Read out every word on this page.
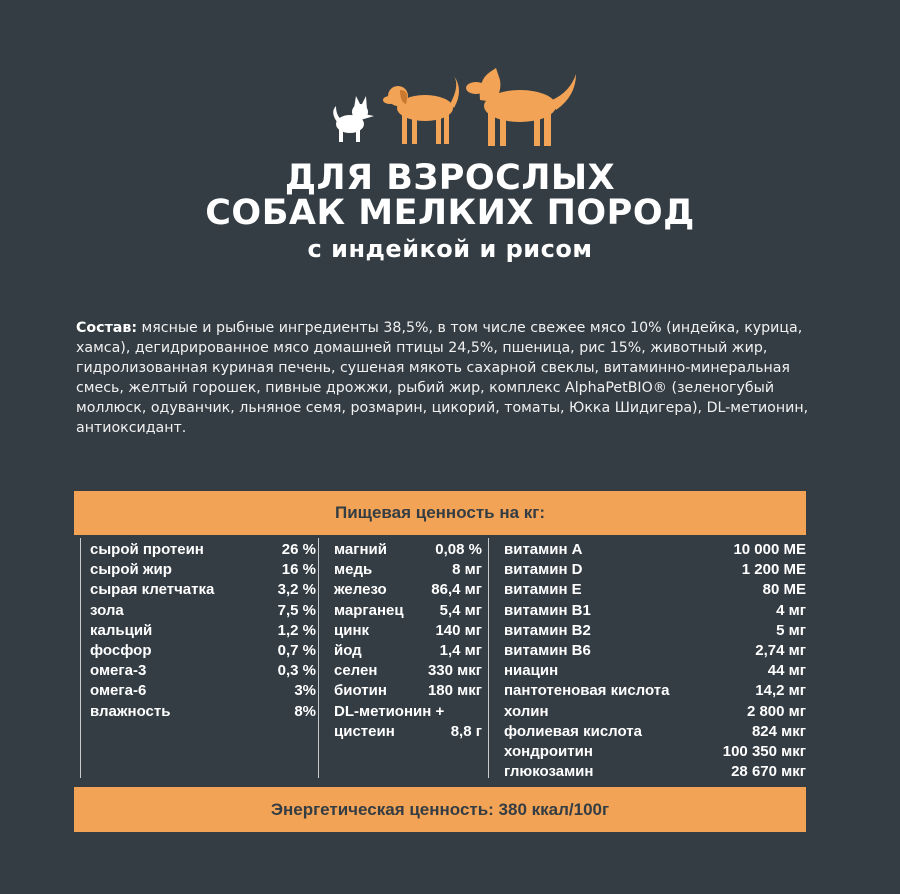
ДЛЯ ВЗРОСЛЫХ
СОБАК МЕЛКИХ ПОРОД
с индейкой и рисом

Состав: мясные и рыбные ингредиенты 38,5%, в том числе свежее мясо 10% (индейка, курица, хамса), дегидрированное мясо домашней птицы 24,5%, пшеница, рис 15%, животный жир, гидролизованная куриная печень, сушеная мякоть сахарной свеклы, витаминно-минеральная смесь, желтый горошек, пивные дрожжи, рыбий жир, комплекс AlphaPetBIO® (зеленогубый моллюск, одуванчик, льняное семя, розмарин, цикорий, томаты, Юкка Шидигера), DL-метионин, антиоксидант.

Пищевая ценность на кг:
сырой протеин	26 %
сырой жир	16 %
сырая клетчатка	3,2 %
зола	7,5 %
кальций	1,2 %
фосфор	0,7 %
омега-3	0,3 %
омега-6	3%
влажность	8%
магний	0,08 %
медь	8 мг
железо	86,4 мг
марганец 5,4 мг
цинк	140 мг
йод	1,4 мг
селен	330 мкг
биотин	180 мкг
DL-метионин +
цистеин	8,8 г
витамин A	10 000 МЕ
витамин D	1 200 МЕ
витамин E	80 МЕ
витамин B1	4 мг
витамин B2	5 мг
витамин B6	2,74 мг
ниацин	44 мг
пантотеновая кислота	14,2 мг
холин	2 800 мг
фолиевая кислота	824 мкг
хондроитин	100 350 мкг
глюкозамин	28 670 мкг
Энергетическая ценность: 380 ккал/100г
